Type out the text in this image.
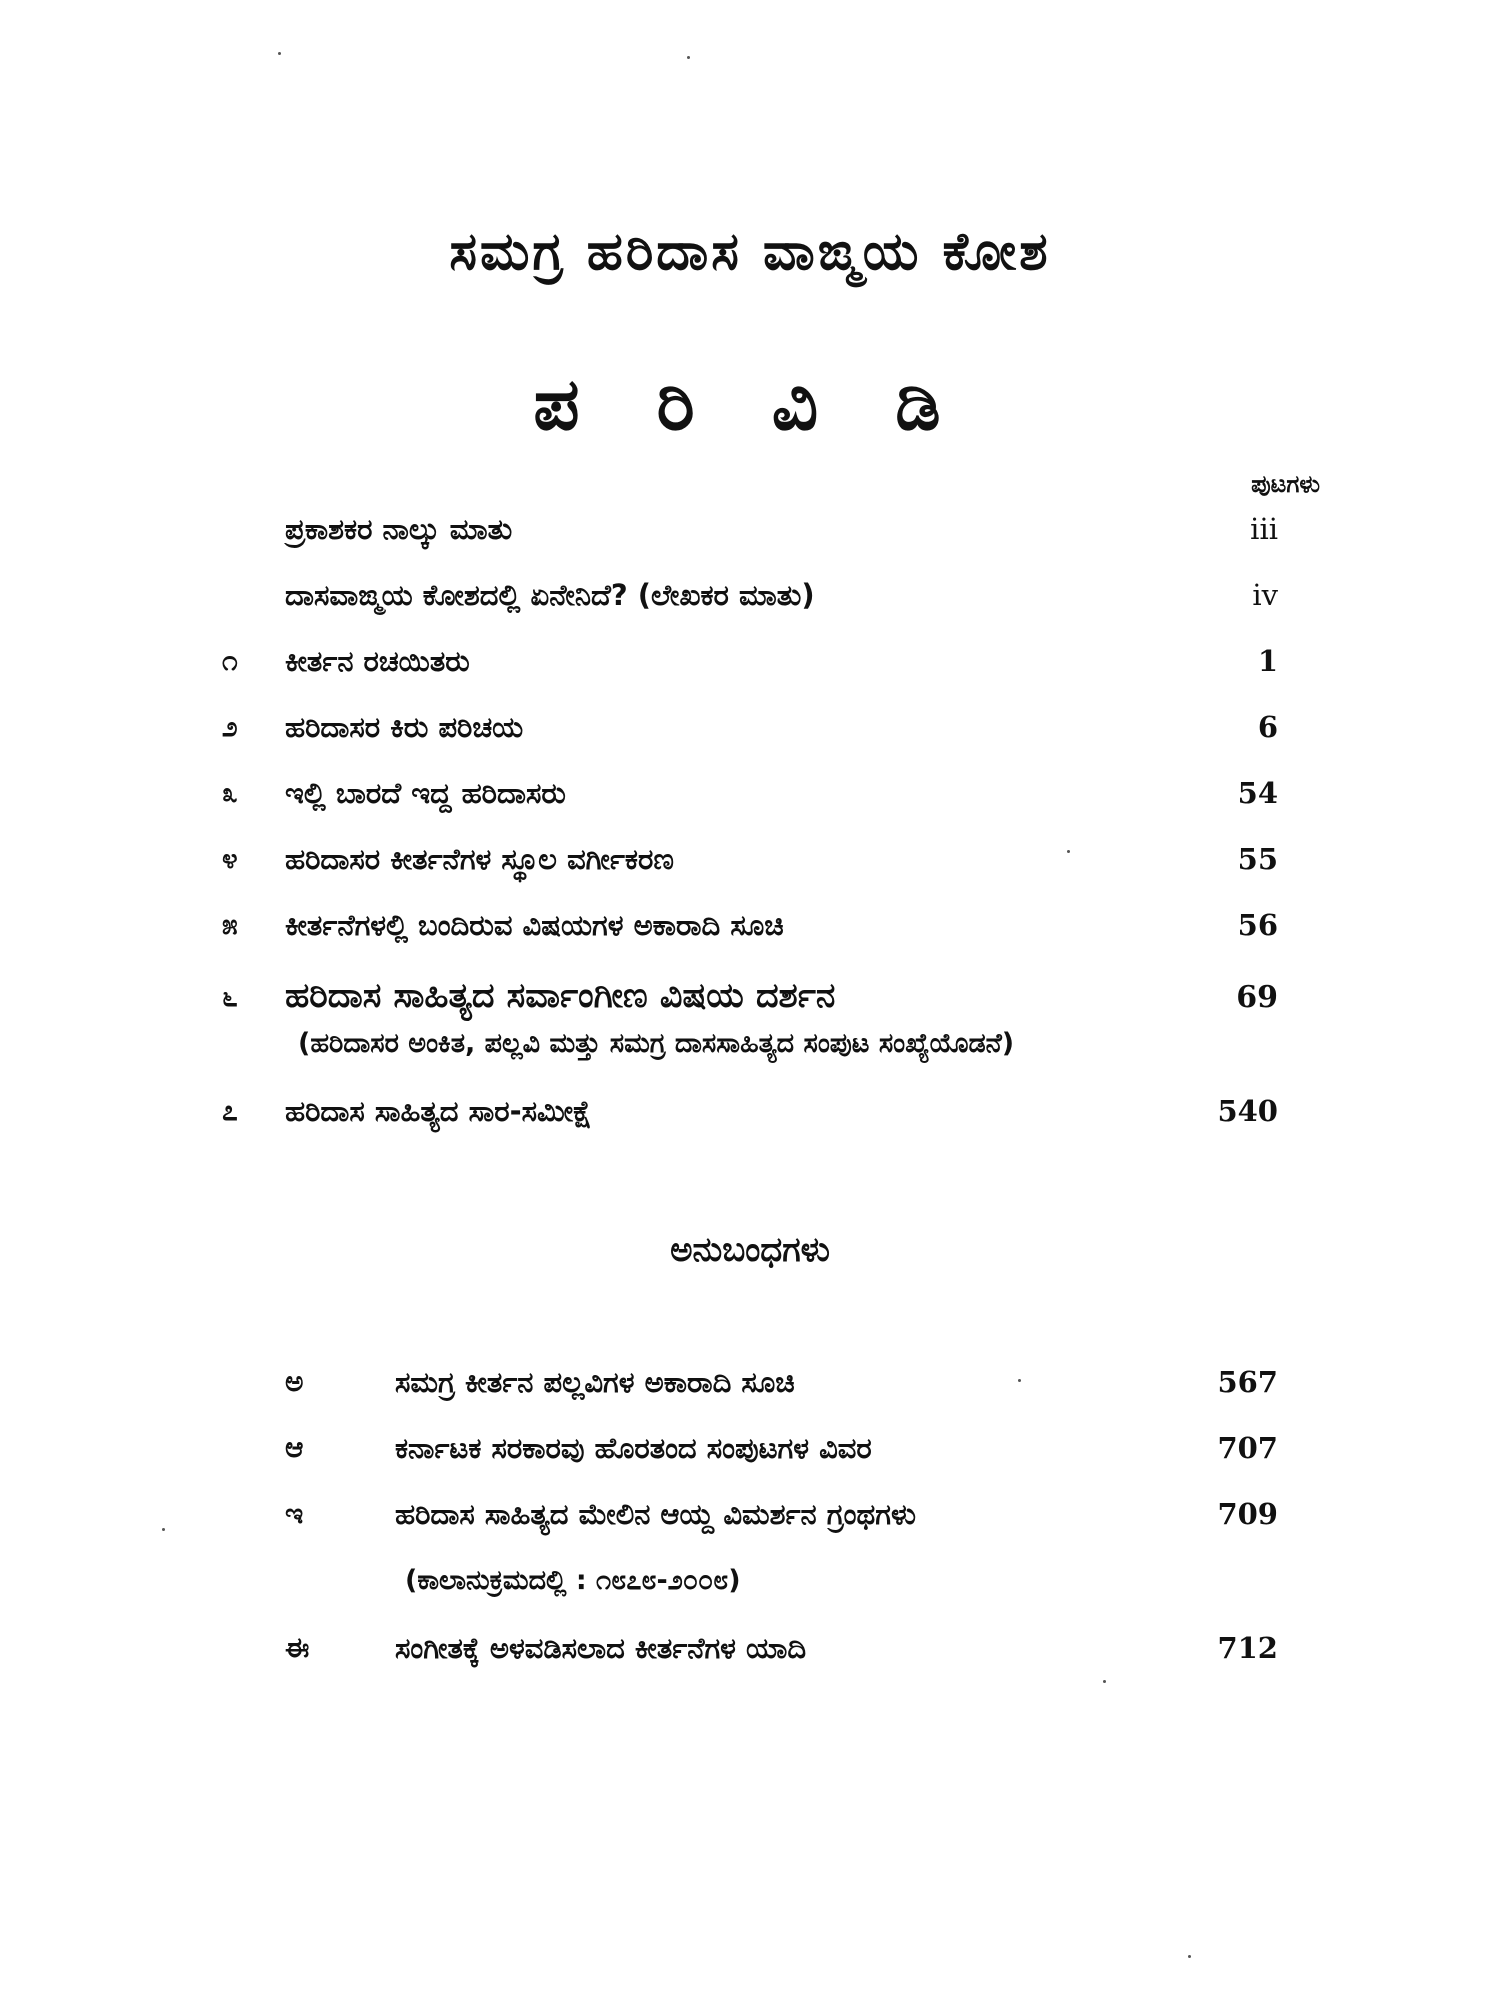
ಸಮಗ್ರ ಹರಿದಾಸ ವಾಙ್ಮಯ ಕೋಶ
ಪ ರಿ ವಿ ಡಿ
ಪುಟಗಳು
ಪ್ರಕಾಶಕರ ನಾಲ್ಕು ಮಾತು	iii
ದಾಸವಾಙ್ಮಯ ಕೋಶದಲ್ಲಿ ಏನೇನಿದೆ? (ಲೇಖಕರ ಮಾತು)	iv
೧ ಕೀರ್ತನ ರಚಯಿತರು	1
೨ ಹರಿದಾಸರ ಕಿರು ಪರಿಚಯ	6
೩ ಇಲ್ಲಿ ಬಾರದೆ ಇದ್ದ ಹರಿದಾಸರು	54
೪ ಹರಿದಾಸರ ಕೀರ್ತನೆಗಳ ಸ್ಥೂಲ ವರ್ಗೀಕರಣ	55
೫ ಕೀರ್ತನೆಗಳಲ್ಲಿ ಬಂದಿರುವ ವಿಷಯಗಳ ಅಕಾರಾದಿ ಸೂಚಿ	56
೬ ಹರಿದಾಸ ಸಾಹಿತ್ಯದ ಸರ್ವಾಂಗೀಣ ವಿಷಯ ದರ್ಶನ	69
(ಹರಿದಾಸರ ಅಂಕಿತ, ಪಲ್ಲವಿ ಮತ್ತು ಸಮಗ್ರ ದಾಸಸಾಹಿತ್ಯದ ಸಂಪುಟ ಸಂಖ್ಯೆಯೊಡನೆ)
೭ ಹರಿದಾಸ ಸಾಹಿತ್ಯದ ಸಾರ-ಸಮೀಕ್ಷೆ	540
ಅನುಬಂಧಗಳು
ಅ	ಸಮಗ್ರ ಕೀರ್ತನ ಪಲ್ಲವಿಗಳ ಅಕಾರಾದಿ ಸೂಚಿ	567
ಆ	ಕರ್ನಾಟಕ ಸರಕಾರವು ಹೊರತಂದ ಸಂಪುಟಗಳ ವಿವರ	707
ಇ	ಹರಿದಾಸ ಸಾಹಿತ್ಯದ ಮೇಲಿನ ಆಯ್ದ ವಿಮರ್ಶನ ಗ್ರಂಥಗಳು	709
(ಕಾಲಾನುಕ್ರಮದಲ್ಲಿ : ೧೮೭೮-೨೦೦೮)
ಈ	ಸಂಗೀತಕ್ಕೆ ಅಳವಡಿಸಲಾದ ಕೀರ್ತನೆಗಳ ಯಾದಿ	712
